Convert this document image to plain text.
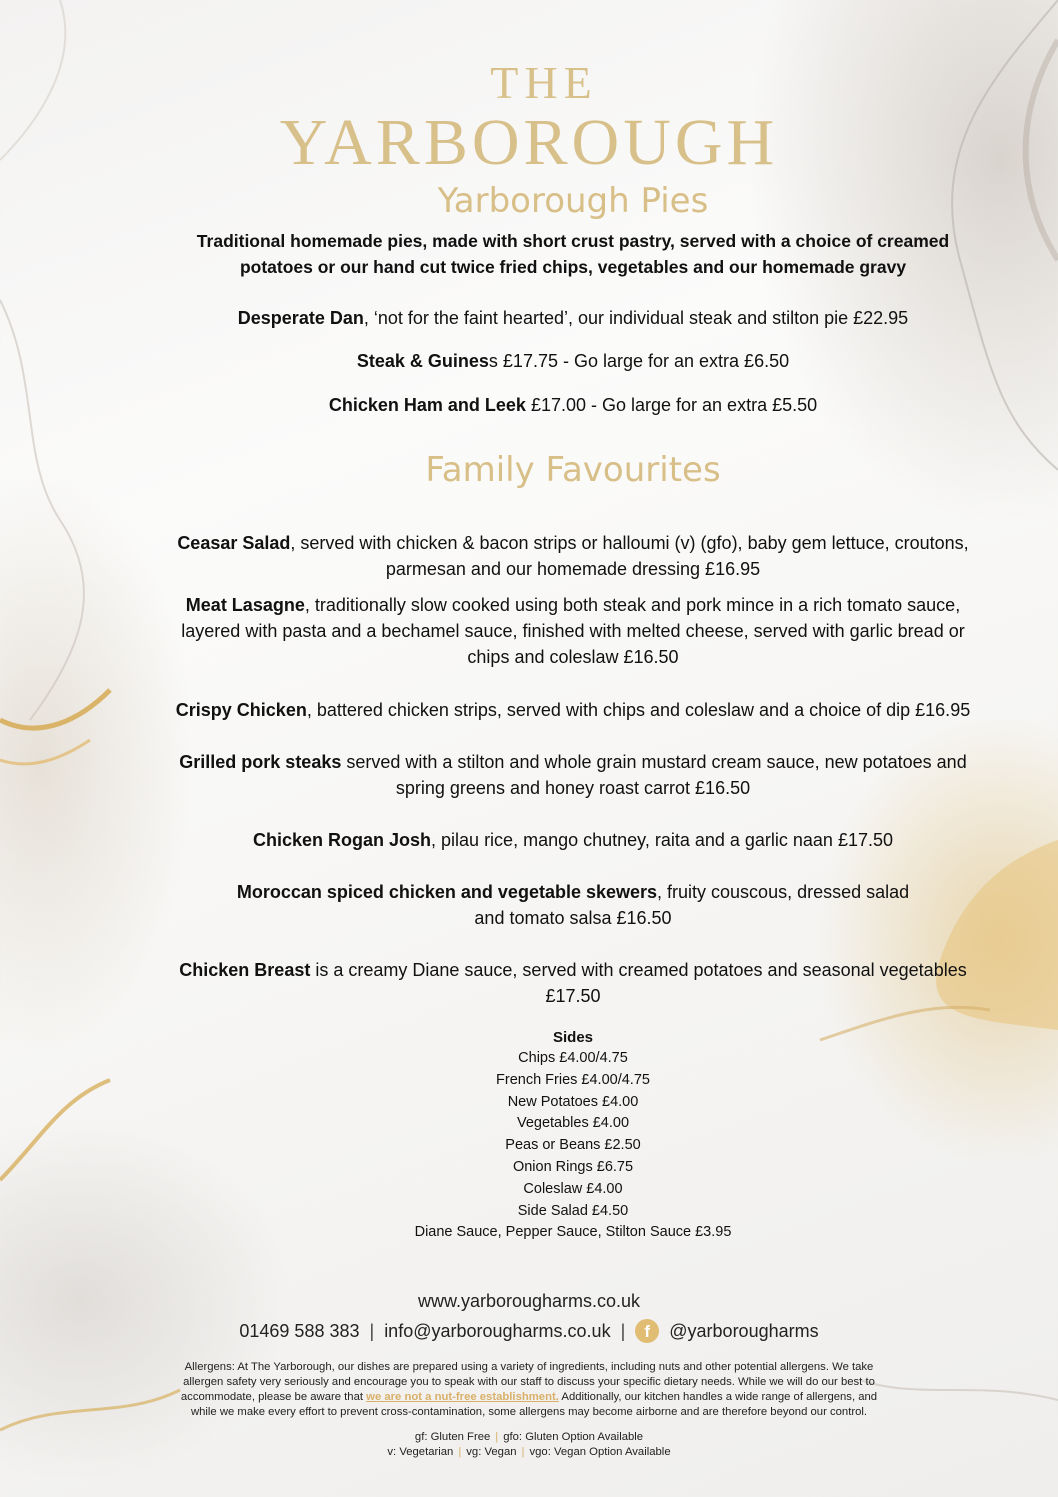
THE
YARBOROUGH
Yarborough Pies
Traditional homemade pies, made with short crust pastry, served with a choice of creamed
potatoes or our hand cut twice fried chips, vegetables and our homemade gravy
Desperate Dan, ‘not for the faint hearted’, our individual steak and stilton pie £22.95
Steak & Guiness £17.75 - Go large for an extra £6.50
Chicken Ham and Leek £17.00 - Go large for an extra £5.50
Family Favourites
Ceasar Salad, served with chicken & bacon strips or halloumi (v) (gfo), baby gem lettuce, croutons,
parmesan and our homemade dressing £16.95
Meat Lasagne, traditionally slow cooked using both steak and pork mince in a rich tomato sauce,
layered with pasta and a bechamel sauce, finished with melted cheese, served with garlic bread or
chips and coleslaw £16.50
Crispy Chicken, battered chicken strips, served with chips and coleslaw and a choice of dip £16.95
Grilled pork steaks served with a stilton and whole grain mustard cream sauce, new potatoes and
spring greens and honey roast carrot £16.50
Chicken Rogan Josh, pilau rice, mango chutney, raita and a garlic naan £17.50
Moroccan spiced chicken and vegetable skewers, fruity couscous, dressed salad
and tomato salsa £16.50
Chicken Breast is a creamy Diane sauce, served with creamed potatoes and seasonal vegetables
£17.50
Sides
Chips £4.00/4.75
French Fries £4.00/4.75
New Potatoes £4.00
Vegetables £4.00
Peas or Beans £2.50
Onion Rings £6.75
Coleslaw £4.00
Side Salad £4.50
Diane Sauce, Pepper Sauce, Stilton Sauce £3.95
www.yarborougharms.co.uk
01469 588 383 | info@yarborougharms.co.uk |	f	@yarborougharms
Allergens: At The Yarborough, our dishes are prepared using a variety of ingredients, including nuts and other potential allergens. We take
allergen safety very seriously and encourage you to speak with our staff to discuss your specific dietary needs. While we will do our best to
accommodate, please be aware that we are not a nut-free establishment. Additionally, our kitchen handles a wide range of allergens, and
while we make every effort to prevent cross-contamination, some allergens may become airborne and are therefore beyond our control.
gf: Gluten Free | gfo: Gluten Option Available
v: Vegetarian | vg: Vegan | vgo: Vegan Option Available
